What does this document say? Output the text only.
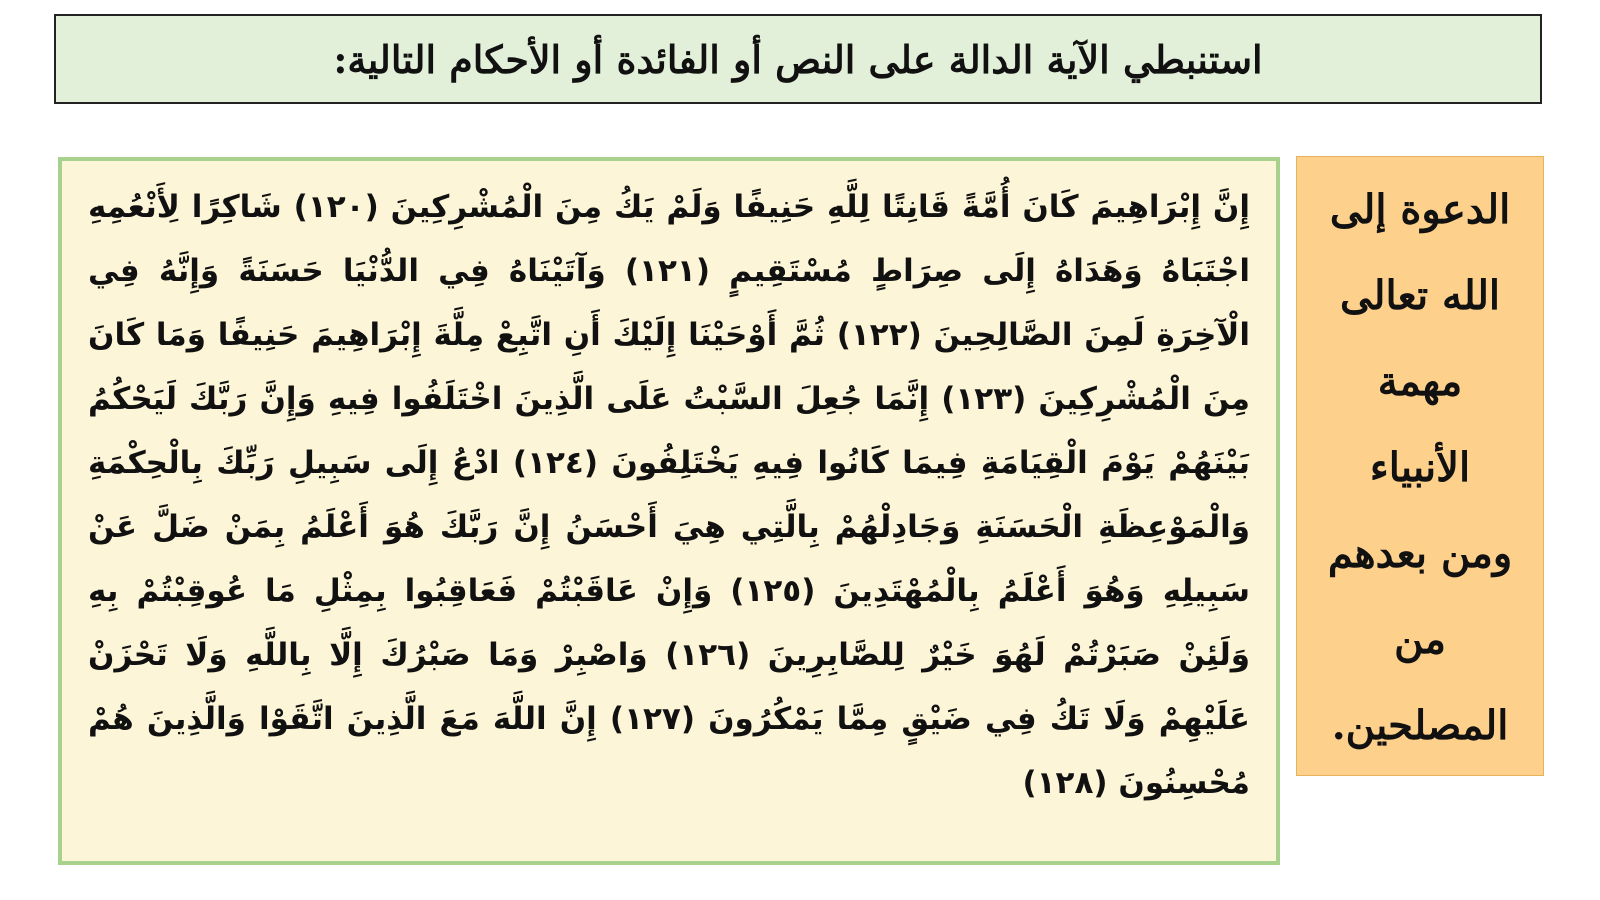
استنبطي الآية الدالة على النص أو الفائدة أو الأحكام التالية:

إِنَّ إِبْرَاهِيمَ كَانَ أُمَّةً قَانِتًا لِلَّهِ حَنِيفًا وَلَمْ يَكُ مِنَ الْمُشْرِكِينَ (١٢٠) شَاكِرًا لِأَنْعُمِهِ اجْتَبَاهُ وَهَدَاهُ إِلَى صِرَاطٍ مُسْتَقِيمٍ (١٢١) وَآتَيْنَاهُ فِي الدُّنْيَا حَسَنَةً وَإِنَّهُ فِي الْآخِرَةِ لَمِنَ الصَّالِحِينَ (١٢٢) ثُمَّ أَوْحَيْنَا إِلَيْكَ أَنِ اتَّبِعْ مِلَّةَ إِبْرَاهِيمَ حَنِيفًا وَمَا كَانَ مِنَ الْمُشْرِكِينَ (١٢٣) إِنَّمَا جُعِلَ السَّبْتُ عَلَى الَّذِينَ اخْتَلَفُوا فِيهِ وَإِنَّ رَبَّكَ لَيَحْكُمُ بَيْنَهُمْ يَوْمَ الْقِيَامَةِ فِيمَا كَانُوا فِيهِ يَخْتَلِفُونَ (١٢٤) ادْعُ إِلَى سَبِيلِ رَبِّكَ بِالْحِكْمَةِ وَالْمَوْعِظَةِ الْحَسَنَةِ وَجَادِلْهُمْ بِالَّتِي هِيَ أَحْسَنُ إِنَّ رَبَّكَ هُوَ أَعْلَمُ بِمَنْ ضَلَّ عَنْ سَبِيلِهِ وَهُوَ أَعْلَمُ بِالْمُهْتَدِينَ (١٢٥) وَإِنْ عَاقَبْتُمْ فَعَاقِبُوا بِمِثْلِ مَا عُوقِبْتُمْ بِهِ وَلَئِنْ صَبَرْتُمْ لَهُوَ خَيْرٌ لِلصَّابِرِينَ (١٢٦) وَاصْبِرْ وَمَا صَبْرُكَ إِلَّا بِاللَّهِ وَلَا تَحْزَنْ عَلَيْهِمْ وَلَا تَكُ فِي ضَيْقٍ مِمَّا يَمْكُرُونَ (١٢٧) إِنَّ اللَّهَ مَعَ الَّذِينَ اتَّقَوْا وَالَّذِينَ هُمْ مُحْسِنُونَ (١٢٨)

الدعوة إلى
الله تعالى
مهمة
الأنبياء
ومن بعدهم
من
المصلحين.
